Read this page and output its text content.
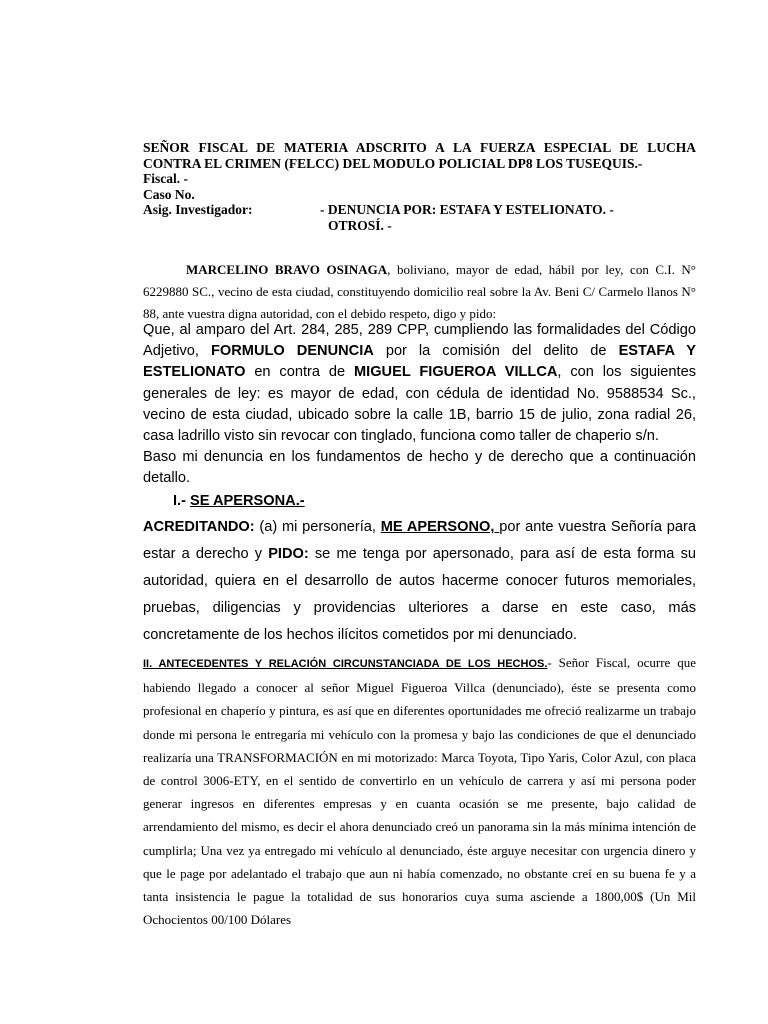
SEÑOR FISCAL DE MATERIA ADSCRITO A LA FUERZA ESPECIAL DE LUCHA CONTRA EL CRIMEN (FELCC) DEL MODULO POLICIAL DP8 LOS TUSEQUIS.-

Fiscal. -

Caso No.

Asig. Investigador:	- DENUNCIA POR: ESTAFA Y ESTELIONATO. -
OTROSÍ. -

MARCELINO BRAVO OSINAGA, boliviano, mayor de edad, hábil por ley, con C.I. N° 6229880 SC., vecino de esta ciudad, constituyendo domicilio real sobre la Av. Beni C/ Carmelo llanos N° 88, ante vuestra digna autoridad, con el debido respeto, digo y pido:

Que, al amparo del Art. 284, 285, 289 CPP, cumpliendo las formalidades del Código Adjetivo, FORMULO DENUNCIA por la comisión del delito de ESTAFA Y ESTELIONATO en contra de MIGUEL FIGUEROA VILLCA, con los siguientes generales de ley: es mayor de edad, con cédula de identidad No. 9588534 Sc., vecino de esta ciudad, ubicado sobre la calle 1B, barrio 15 de julio, zona radial 26, casa ladrillo visto sin revocar con tinglado, funciona como taller de chaperio s/n.

Baso mi denuncia en los fundamentos de hecho y de derecho que a continuación detallo.

I.- SE APERSONA.-

ACREDITANDO: (a) mi personería, ME APERSONO, por ante vuestra Señoría para estar a derecho y PIDO: se me tenga por apersonado, para así de esta forma su autoridad, quiera en el desarrollo de autos hacerme conocer futuros memoriales, pruebas, diligencias y providencias ulteriores a darse en este caso, más concretamente de los hechos ilícitos cometidos por mi denunciado.

II. ANTECEDENTES Y RELACIÓN CIRCUNSTANCIADA DE LOS HECHOS.- Señor Fiscal, ocurre que habiendo llegado a conocer al señor Miguel Figueroa Villca (denunciado), éste se presenta como profesional en chaperío y pintura, es así que en diferentes oportunidades me ofreció realizarme un trabajo donde mi persona le entregaría mi vehículo con la promesa y bajo las condiciones de que el denunciado realizaría una TRANSFORMACIÓN en mi motorizado: Marca Toyota, Tipo Yaris, Color Azul, con placa de control 3006-ETY, en el sentido de convertirlo en un vehículo de carrera y así mi persona poder generar ingresos en diferentes empresas y en cuanta ocasión se me presente, bajo calidad de arrendamiento del mismo, es decir el ahora denunciado creó un panorama sin la más mínima intención de cumplirla; Una vez ya entregado mi vehículo al denunciado, éste arguye necesitar con urgencia dinero y que le page por adelantado el trabajo que aun ni había comenzado, no obstante creí en su buena fe y a tanta insistencia le pague la totalidad de sus honorarios cuya suma asciende a 1800,00$ (Un Mil Ochocientos 00/100 Dólares
